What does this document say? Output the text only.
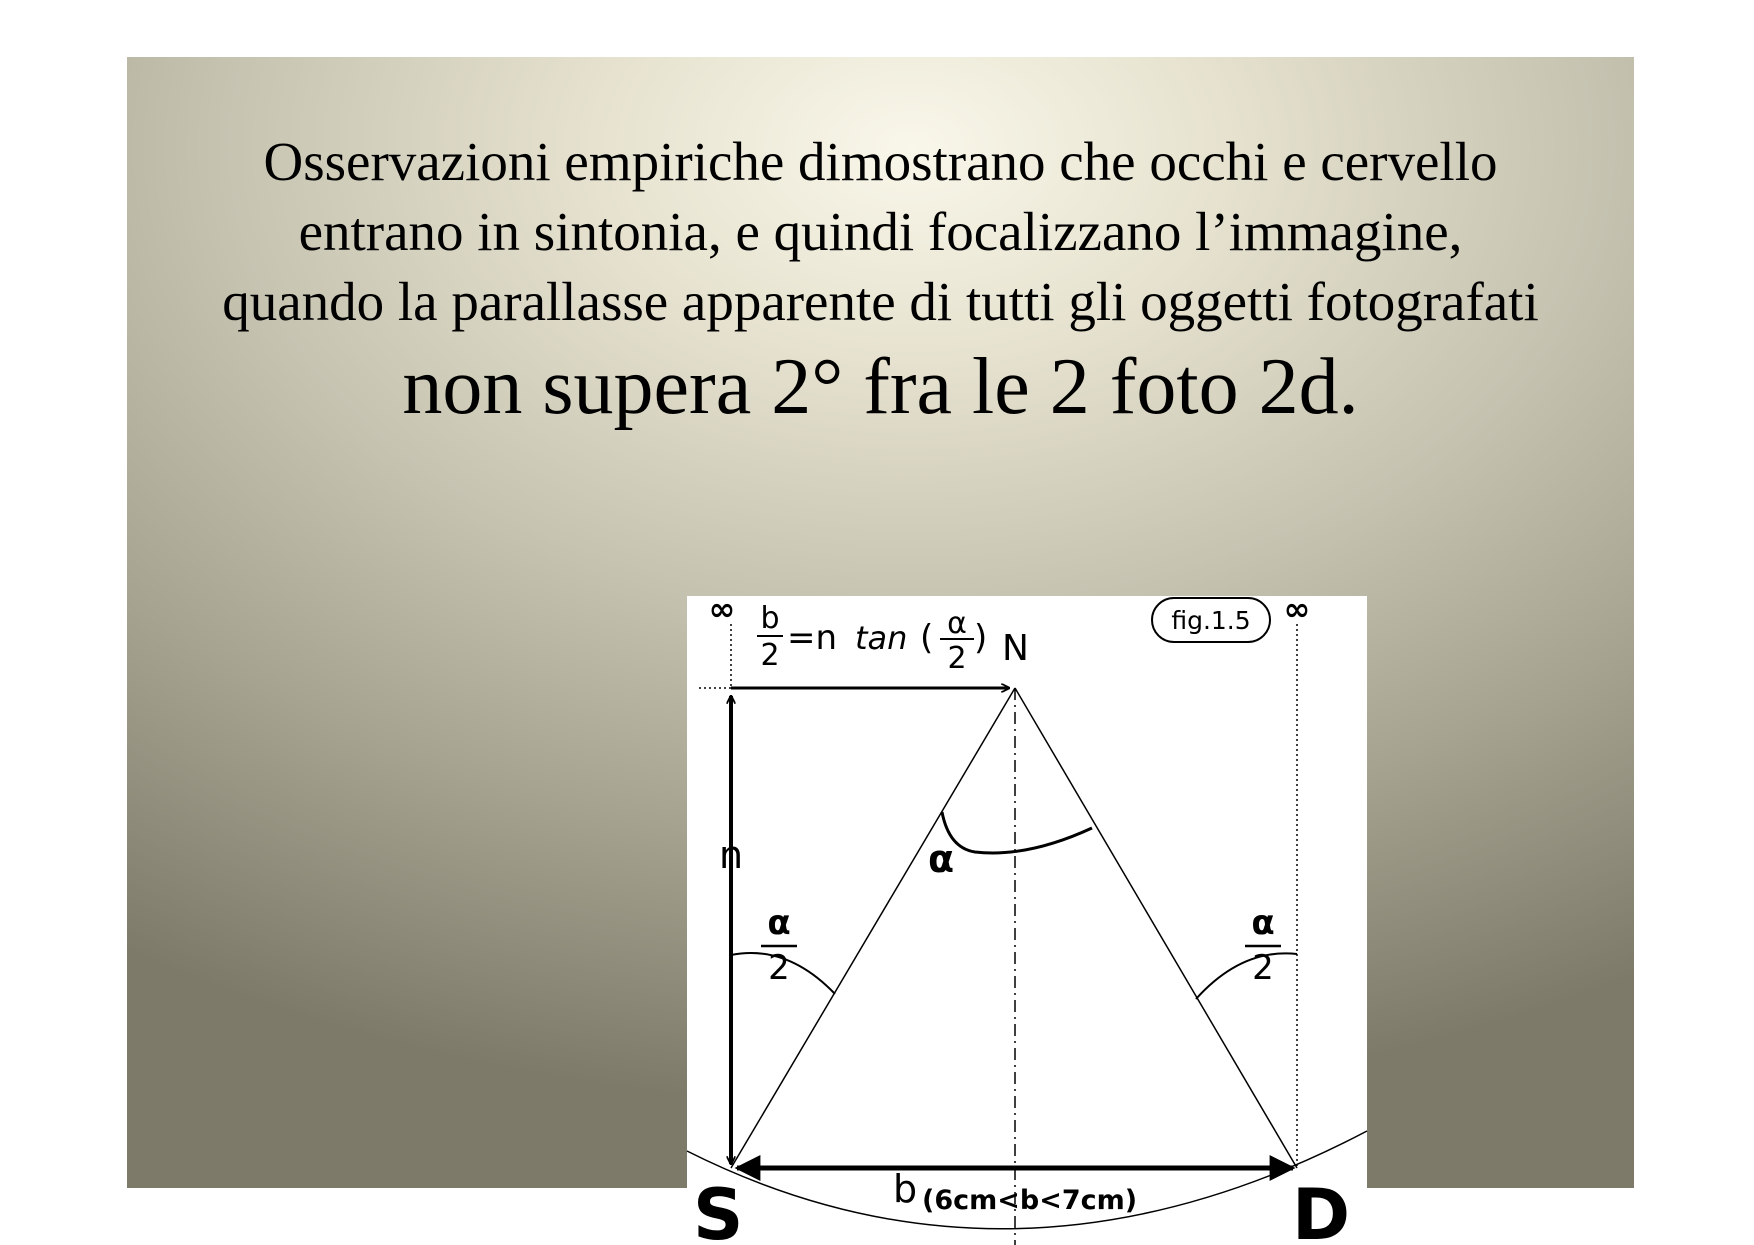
Osservazioni empiriche dimostrano che occhi e cervello
entrano in sintonia, e quindi focalizzano l’immagine,
quando la parallasse apparente di tutti gli oggetti fotografati
non supera 2° fra le 2 foto 2d.
fig.1.5
∞	∞
b
2 =n tan ( α
2
) N
n	α
α
2
α
2
b (6cm<b<7cm)
S	D
